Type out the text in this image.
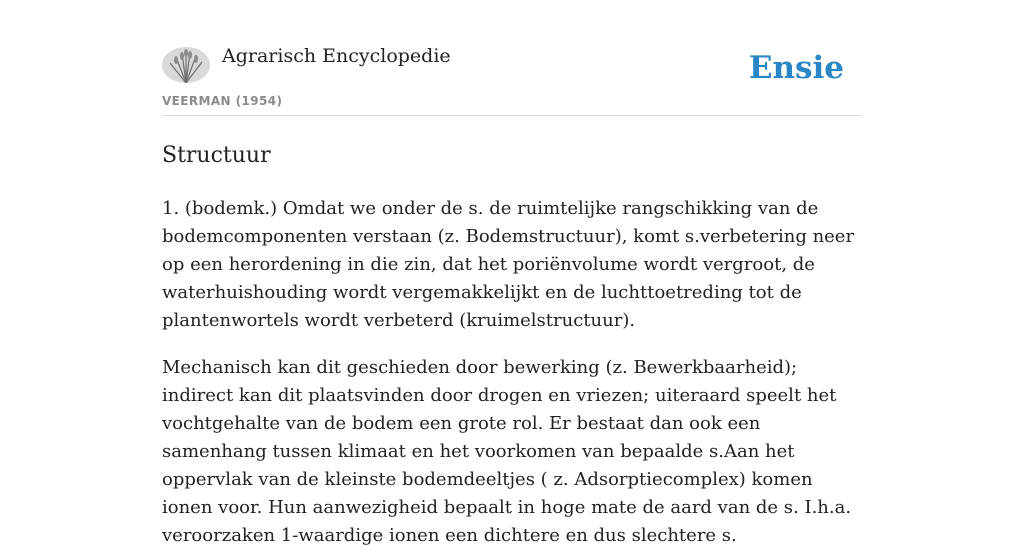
Agrarisch Encyclopedie
VEERMAN (1954)
Ensie
Structuur

1. (bodemk.) Omdat we onder de s. de ruimtelijke rangschikking van de bodemcomponenten verstaan (z. Bodemstructuur), komt s.verbetering neer op een herordening in die zin, dat het poriënvolume wordt vergroot, de waterhuishouding wordt vergemakkelijkt en de luchttoetreding tot de plantenwortels wordt verbeterd (kruimelstructuur).

Mechanisch kan dit geschieden door bewerking (z. Bewerkbaarheid); indirect kan dit plaatsvinden door drogen en vriezen; uiteraard speelt het vochtgehalte van de bodem een grote rol. Er bestaat dan ook een samenhang tussen klimaat en het voorkomen van bepaalde s.Aan het oppervlak van de kleinste bodemdeeltjes ( z. Adsorptiecomplex) komen ionen voor. Hun aanwezigheid bepaalt in hoge mate de aard van de s. I.h.a. veroorzaken 1-waardige ionen een dichtere en dus slechtere s.
